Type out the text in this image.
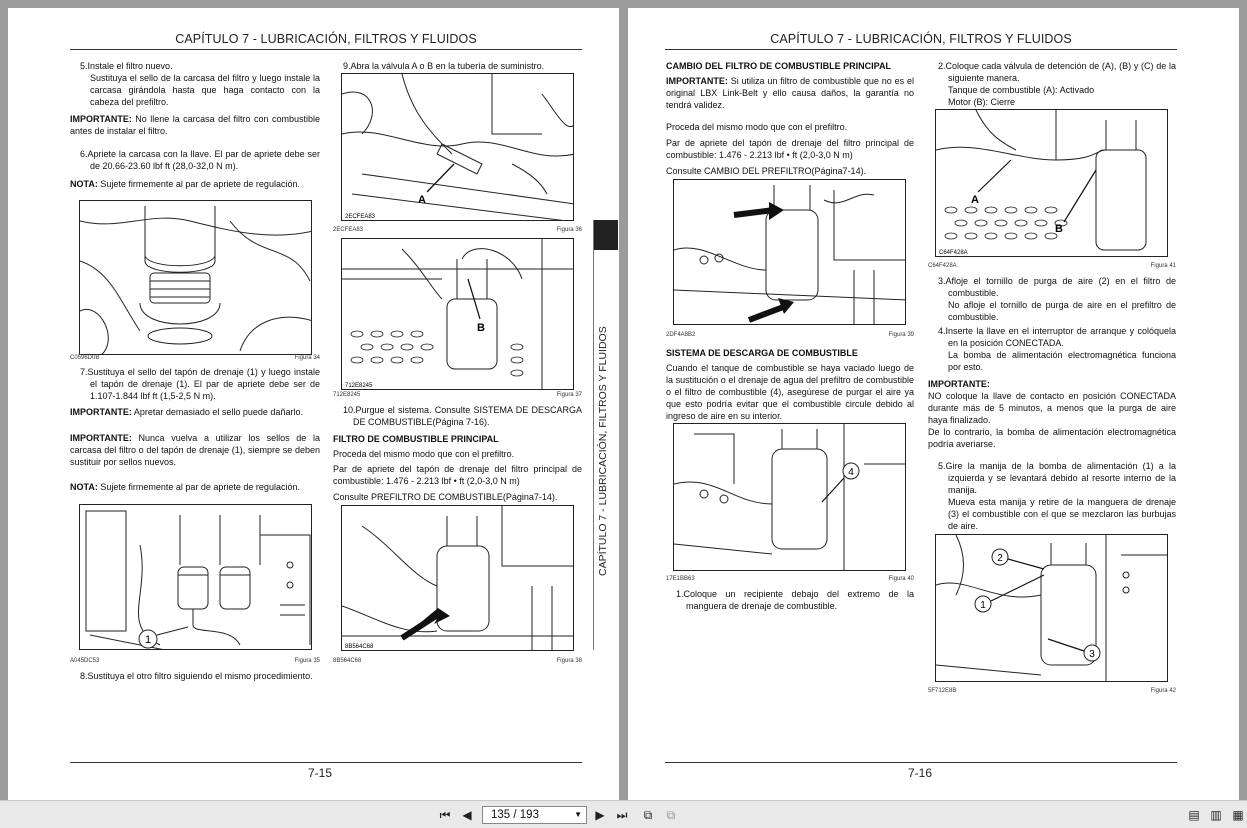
CAPÍTULO 7 - LUBRICACIÓN, FILTROS Y FLUIDOS
5.Instale el filtro nuevo.
Sustituya el sello de la carcasa del filtro y luego instale la carcasa girándola hasta que haga contacto con la cabeza del prefiltro.
IMPORTANTE: No llene la carcasa del filtro con combustible antes de instalar el filtro.
6.Apriete la carcasa con la llave. El par de apriete debe ser de 20.66-23.60 lbf ft (28,0-32,0 N m).
NOTA: Sujete firmemente al par de apriete de regulación.
C0596D0B	Figura 34
7.Sustituya el sello del tapón de drenaje (1) y luego instale el tapón de drenaje (1). El par de apriete debe ser de 1.107-1.844 lbf ft (1,5-2,5 N m).
IMPORTANTE: Apretar demasiado el sello puede dañarlo.
IMPORTANTE: Nunca vuelva a utilizar los sellos de la carcasa del filtro o del tapón de drenaje (1), siempre se deben sustituir por sellos nuevos.
NOTA: Sujete firmemente al par de apriete de regulación.
1
A045DC53	Figura 35
8.Sustituya el otro filtro siguiendo el mismo procedimiento.
9.Abra la válvula A o B en la tubería de suministro.
A
2ECFEA83
2ECFEA83	Figura 36
B
712E8245
712E8245	Figura 37
10.Purgue el sistema. Consulte SISTEMA DE DESCARGA DE COMBUSTIBLE(Página 7-16).
FILTRO DE COMBUSTIBLE PRINCIPAL
Proceda del mismo modo que con el prefiltro.
Par de apriete del tapón de drenaje del filtro principal de combustible: 1.476 - 2.213 lbf • ft (2,0-3,0 N m)
Consulte PREFILTRO DE COMBUSTIBLE(Página7-14).
8B564C68
8B564C68	Figura 38
7-15
CAPÍTULO 7 - LUBRICACIÓN, FILTROS Y FLUIDOS
CAMBIO DEL FILTRO DE COMBUSTIBLE PRINCIPAL
IMPORTANTE: Si utiliza un filtro de combustible que no es el original LBX Link-Belt y ello causa daños, la garantía no tendrá validez.
Proceda del mismo modo que con el prefiltro.
Par de apriete del tapón de drenaje del filtro principal de combustible: 1.476 - 2.213 lbf • ft (2,0-3,0 N m)
Consulte CAMBIO DEL PREFILTRO(Página7-14).
2DF4A8B2	Figura 39
SISTEMA DE DESCARGA DE COMBUSTIBLE
Cuando el tanque de combustible se haya vaciado luego de la sustitución o el drenaje de agua del prefiltro de combustible o el filtro de combustible (4), asegúrese de purgar el aire ya que esto podría evitar que el combustible circule debido al ingreso de aire en su interior.
4
17E1BB63	Figura 40
1.Coloque un recipiente debajo del extremo de la manguera de drenaje de combustible.
2.Coloque cada válvula de detención de (A), (B) y (C) de la siguiente manera.
Tanque de combustible (A): Activado
Motor (B): Cierre
A
B
C64F428A
C64F428A	Figura 41
3.Afloje el tornillo de purga de aire (2) en el filtro de combustible.
No afloje el tornillo de purga de aire en el prefiltro de combustible.
4.Inserte la llave en el interruptor de arranque y colóquela en la posición CONECTADA.
La bomba de alimentación electromagnética funciona por esto.
IMPORTANTE:
NO coloque la llave de contacto en posición CONECTADA durante más de 5 minutos, a menos que la purga de aire haya finalizado.
De lo contrario, la bomba de alimentación electromagnética podría averiarse.
5.Gire la manija de la bomba de alimentación (1) a la izquierda y se levantará debido al resorte interno de la manija.
Mueva esta manija y retire de la manguera de drenaje (3) el combustible con el que se mezclaron las burbujas de aire.
2
1
3
5F712E8B	Figura 42
7-16
CAPÍTULO 7 - LUBRICACIÓN, FILTROS Y FLUIDOS
⏮ ◀	135 / 193	▼ ▶ ⏭	⧉	⧉	▤ ▥ ▦
